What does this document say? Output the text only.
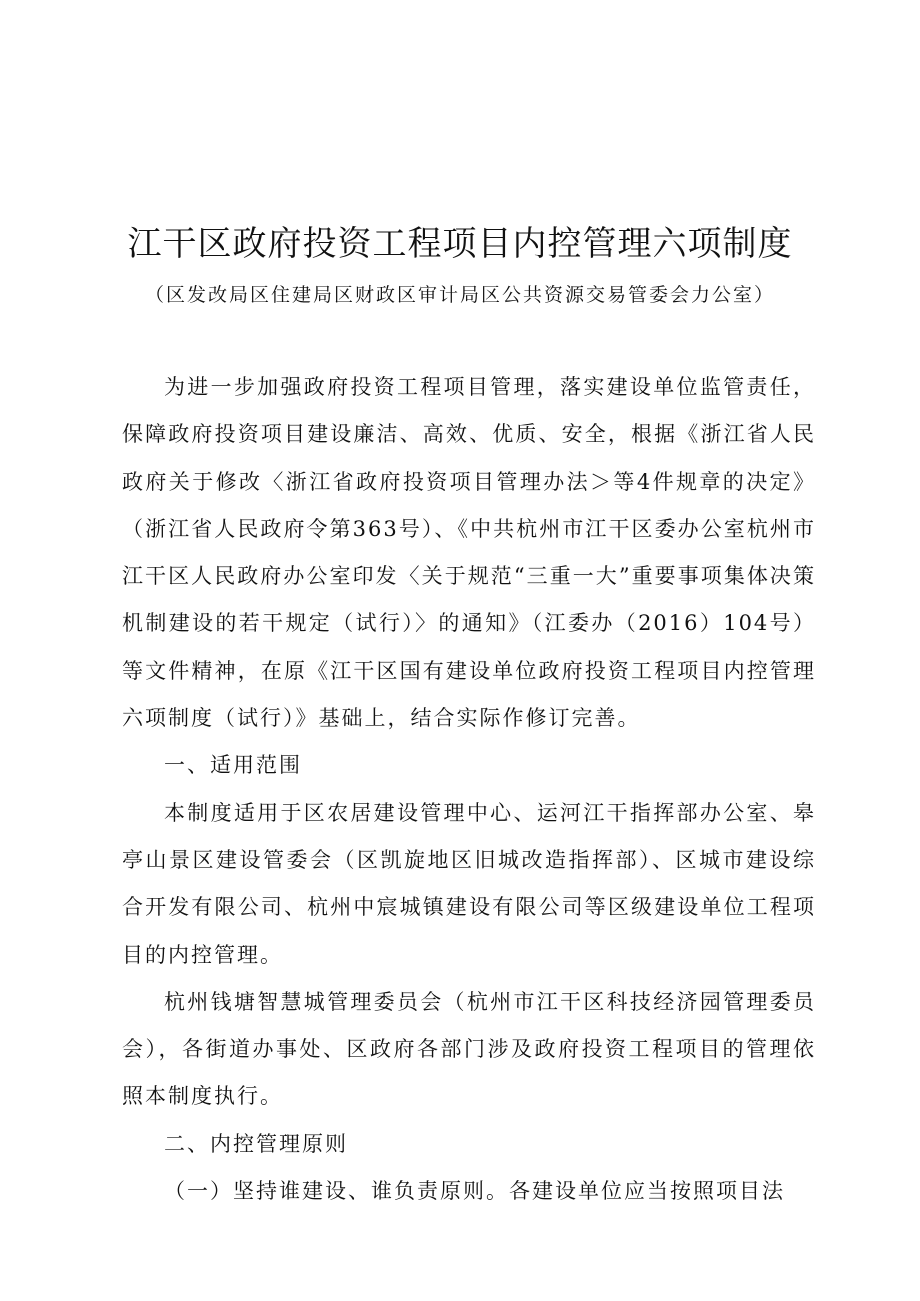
江干区政府投资工程项目内控管理六项制度

（区发改局区住建局区财政区审计局区公共资源交易管委会力公室）

为进一步加强政府投资工程项目管理，落实建设单位监管责任，保障政府投资项目建设廉洁、高效、优质、安全，根据《浙江省人民政府关于修改〈浙江省政府投资项目管理办法＞等4件规章的决定》（浙江省人民政府令第363号）、《中共杭州市江干区委办公室杭州市江干区人民政府办公室印发〈关于规范“三重一大”重要事项集体决策机制建设的若干规定（试行）〉的通知》（江委办（2016）104号）等文件精神，在原《江干区国有建设单位政府投资工程项目内控管理六项制度（试行）》基础上，结合实际作修订完善。

一、适用范围

本制度适用于区农居建设管理中心、运河江干指挥部办公室、皋亭山景区建设管委会（区凯旋地区旧城改造指挥部）、区城市建设综合开发有限公司、杭州中宸城镇建设有限公司等区级建设单位工程项目的内控管理。

杭州钱塘智慧城管理委员会（杭州市江干区科技经济园管理委员会），各街道办事处、区政府各部门涉及政府投资工程项目的管理依照本制度执行。

二、内控管理原则

（一）坚持谁建设、谁负责原则。各建设单位应当按照项目法
